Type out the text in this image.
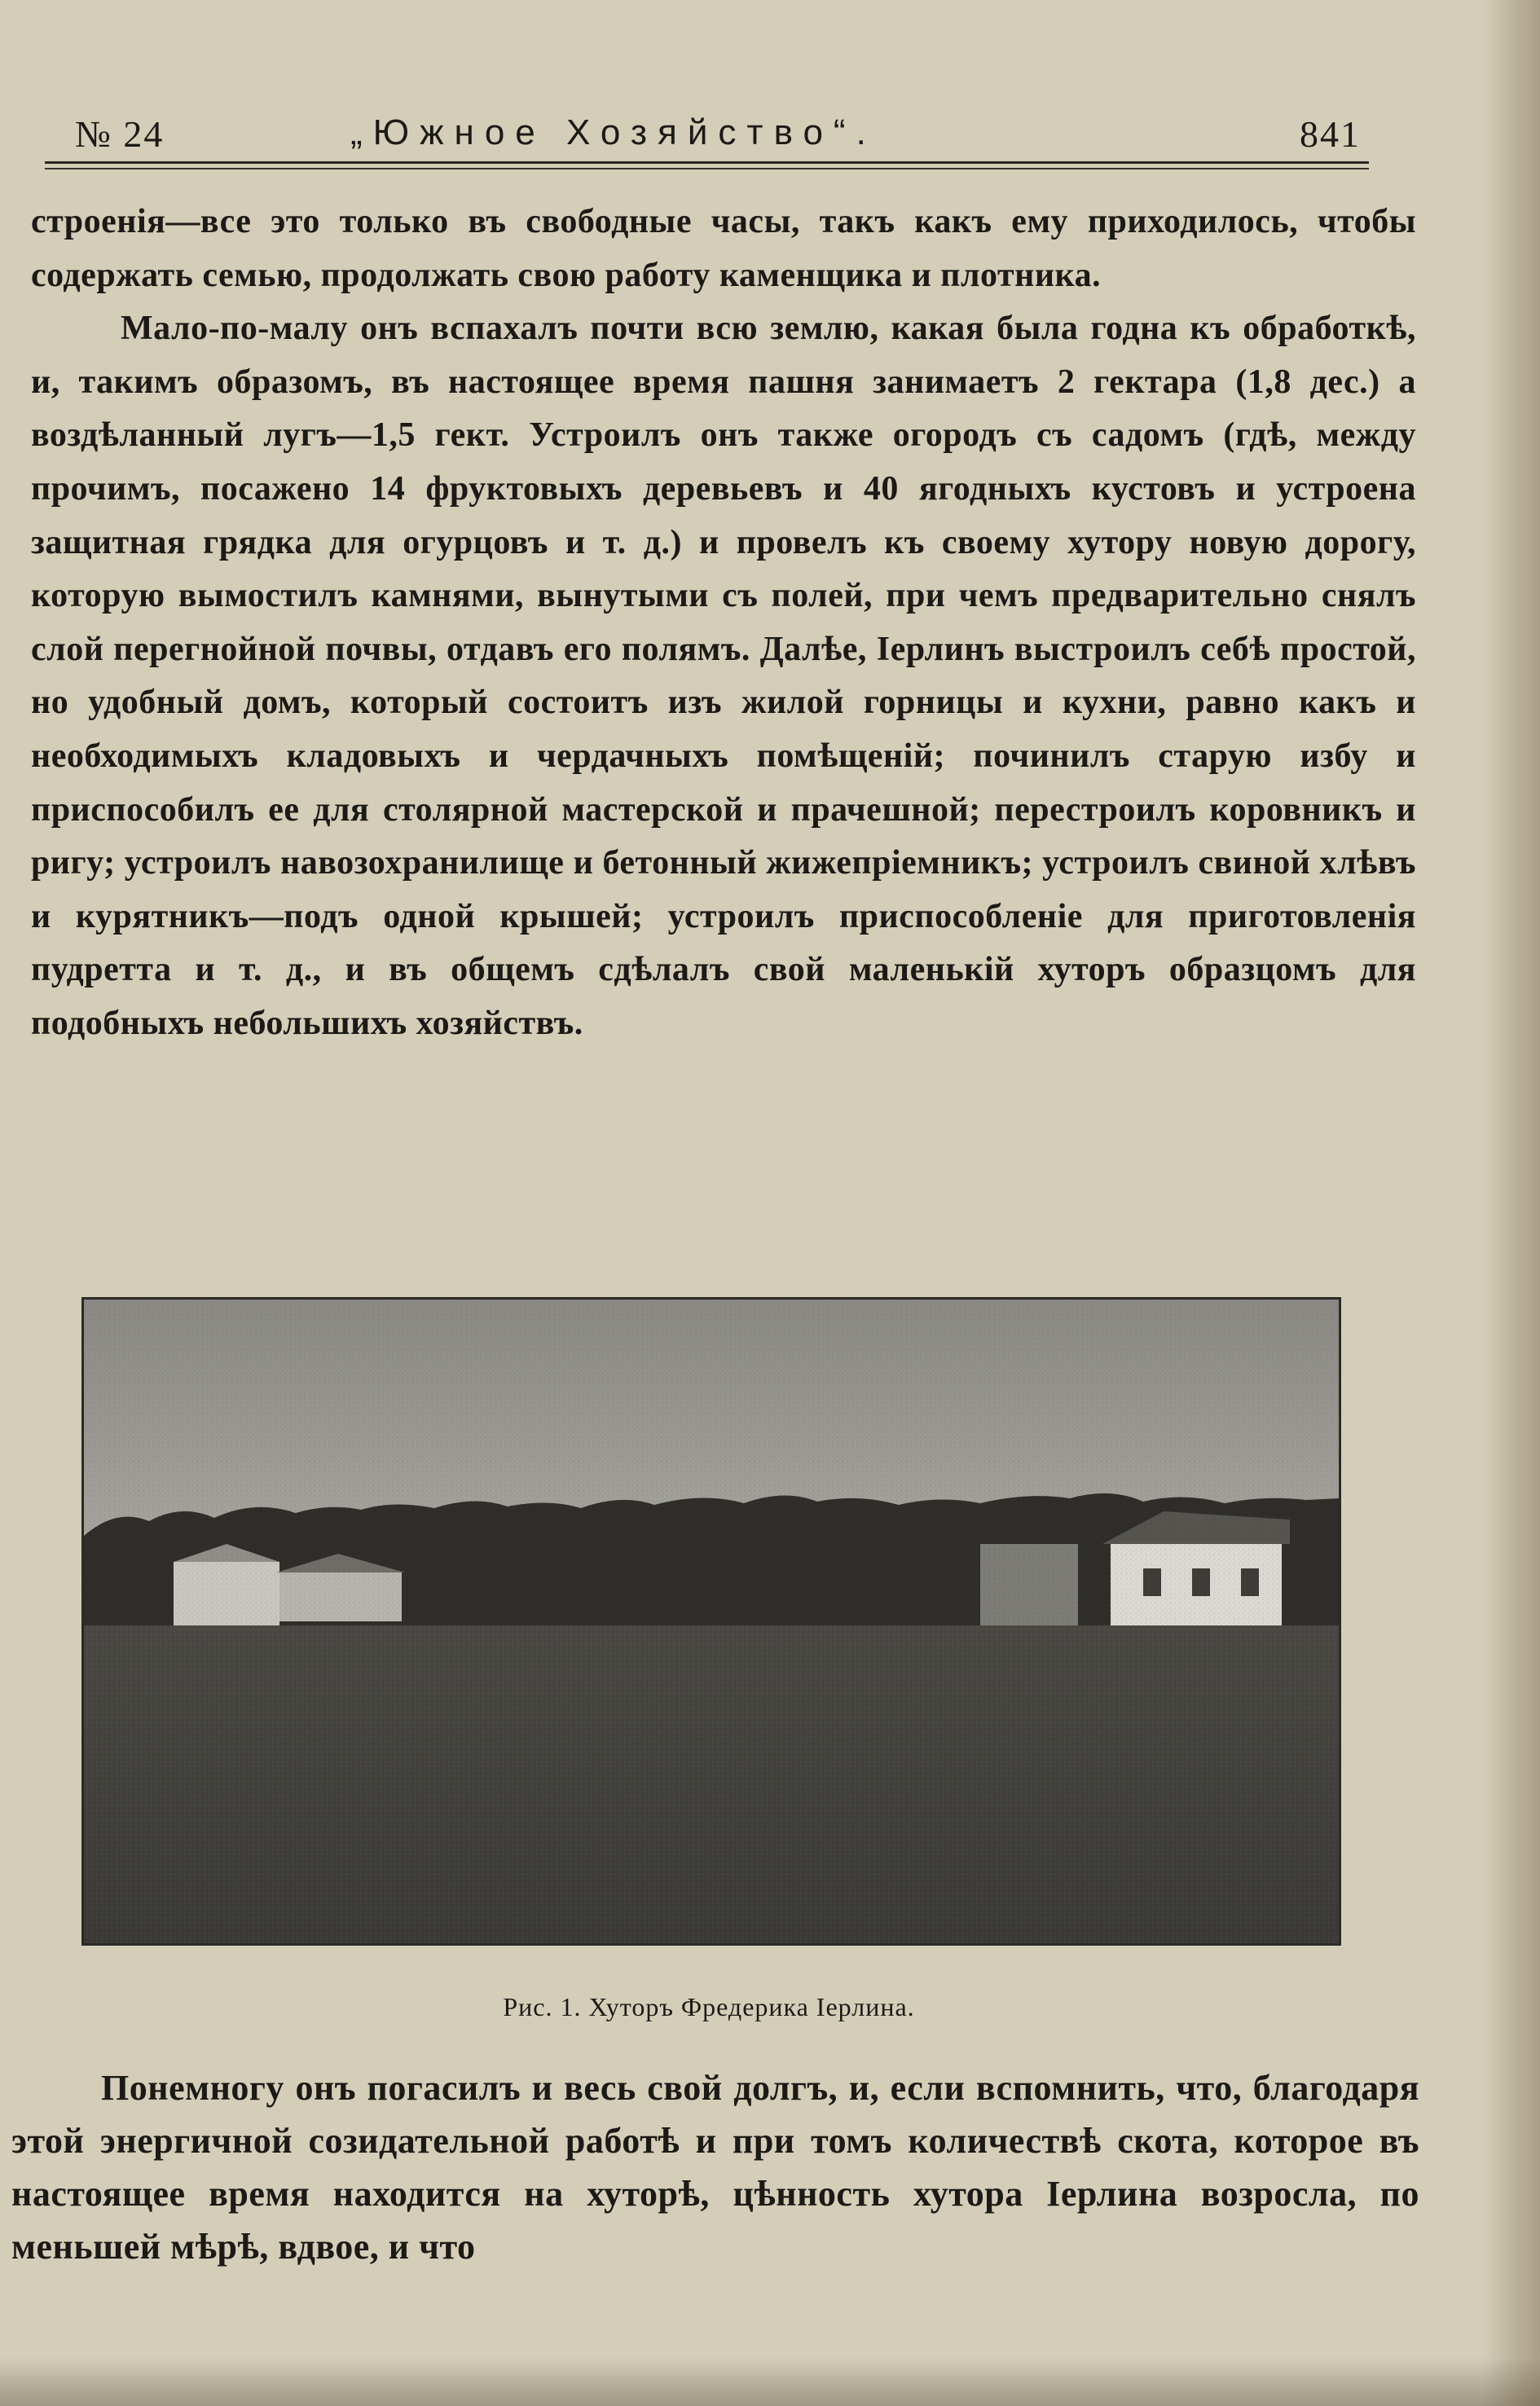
№ 24	„Южное Хозяйство“.	841

строенія—все это только въ свободные часы, такъ какъ ему приходилось, чтобы содержать семью, продолжать свою работу каменщика и плотника.

Мало-по-малу онъ вспахалъ почти всю землю, какая была годна къ обработкѣ, и, такимъ образомъ, въ настоящее время пашня занимаетъ 2 гектара (1,8 дес.) а воздѣланный лугъ—1,5 гект. Устроилъ онъ также огородъ съ садомъ (гдѣ, между прочимъ, посажено 14 фруктовыхъ деревьевъ и 40 ягодныхъ кустовъ и устроена защитная грядка для огурцовъ и т. д.) и провелъ къ своему хутору новую дорогу, которую вымостилъ камнями, вынутыми съ полей, при чемъ предварительно снялъ слой перегнойной почвы, отдавъ его полямъ. Далѣе, Іерлинъ выстроилъ себѣ простой, но удобный домъ, который состоитъ изъ жилой горницы и кухни, равно какъ и необходимыхъ кладовыхъ и чердачныхъ помѣщеній; починилъ старую избу и приспособилъ ее для столярной мастерской и прачешной; перестроилъ коровникъ и ригу; устроилъ навозохранилище и бетонный жижепріемникъ; устроилъ свиной хлѣвъ и курятникъ—подъ одной крышей; устроилъ приспособленіе для приготовленія пудретта и т. д., и въ общемъ сдѣлалъ свой маленькій хуторъ образцомъ для подобныхъ небольшихъ хозяйствъ.

Рис. 1. Хуторъ Фредерика Іерлина.

Понемногу онъ погасилъ и весь свой долгъ, и, если вспомнить, что, благодаря этой энергичной созидательной работѣ и при томъ количествѣ скота, которое въ настоящее время находится на хуторѣ, цѣнность хутора Іерлина возросла, по меньшей мѣрѣ, вдвое, и что
